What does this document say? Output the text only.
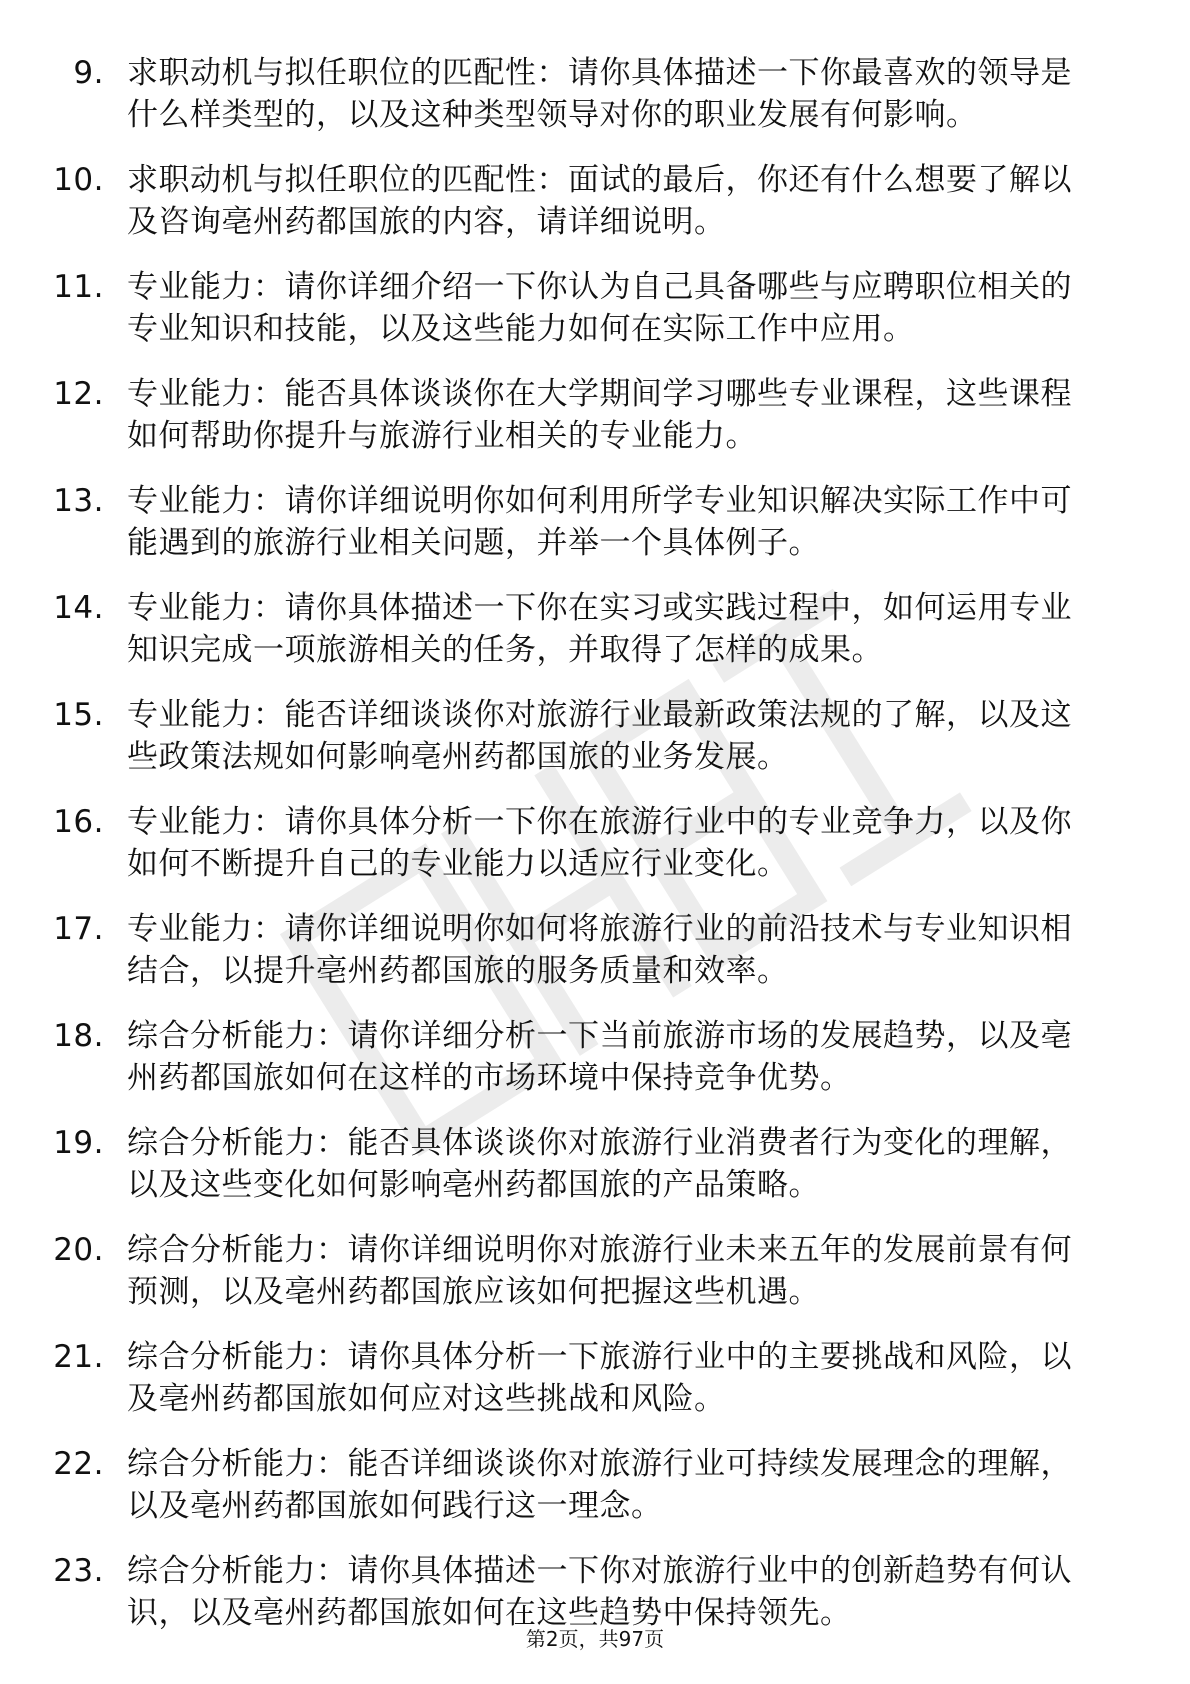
9. 求职动机与拟任职位的匹配性：请你具体描述一下你最喜欢的领导是什么样类型的，以及这种类型领导对你的职业发展有何影响。
10. 求职动机与拟任职位的匹配性：面试的最后，你还有什么想要了解以及咨询亳州药都国旅的内容，请详细说明。
11. 专业能力：请你详细介绍一下你认为自己具备哪些与应聘职位相关的专业知识和技能，以及这些能力如何在实际工作中应用。
12. 专业能力：能否具体谈谈你在大学期间学习哪些专业课程，这些课程如何帮助你提升与旅游行业相关的专业能力。
13. 专业能力：请你详细说明你如何利用所学专业知识解决实际工作中可能遇到的旅游行业相关问题，并举一个具体例子。
14. 专业能力：请你具体描述一下你在实习或实践过程中，如何运用专业知识完成一项旅游相关的任务，并取得了怎样的成果。
15. 专业能力：能否详细谈谈你对旅游行业最新政策法规的了解，以及这些政策法规如何影响亳州药都国旅的业务发展。
16. 专业能力：请你具体分析一下你在旅游行业中的专业竞争力，以及你如何不断提升自己的专业能力以适应行业变化。
17. 专业能力：请你详细说明你如何将旅游行业的前沿技术与专业知识相结合，以提升亳州药都国旅的服务质量和效率。
18. 综合分析能力：请你详细分析一下当前旅游市场的发展趋势，以及亳州药都国旅如何在这样的市场环境中保持竞争优势。
19. 综合分析能力：能否具体谈谈你对旅游行业消费者行为变化的理解，以及这些变化如何影响亳州药都国旅的产品策略。
20. 综合分析能力：请你详细说明你对旅游行业未来五年的发展前景有何预测，以及亳州药都国旅应该如何把握这些机遇。
21. 综合分析能力：请你具体分析一下旅游行业中的主要挑战和风险，以及亳州药都国旅如何应对这些挑战和风险。
22. 综合分析能力：能否详细谈谈你对旅游行业可持续发展理念的理解，以及亳州药都国旅如何践行这一理念。
23. 综合分析能力：请你具体描述一下你对旅游行业中的创新趋势有何认识，以及亳州药都国旅如何在这些趋势中保持领先。
第2页，共97页
